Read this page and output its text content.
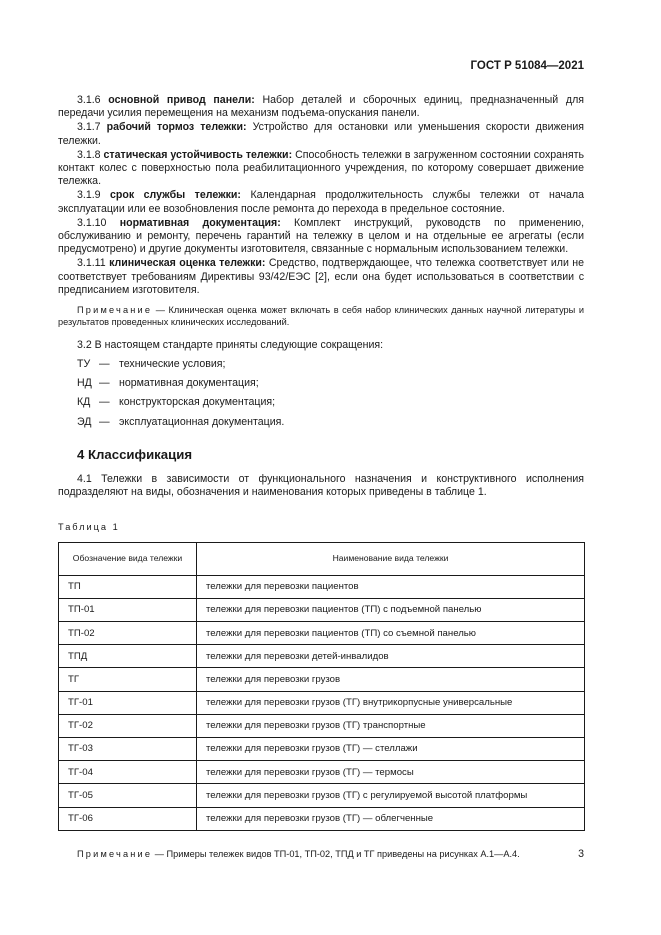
ГОСТ Р 51084—2021

3.1.6 основной привод панели: Набор деталей и сборочных единиц, предназначенный для передачи усилия перемещения на механизм подъема-опускания панели.

3.1.7 рабочий тормоз тележки: Устройство для остановки или уменьшения скорости движения тележки.

3.1.8 статическая устойчивость тележки: Способность тележки в загруженном состоянии сохранять контакт колес с поверхностью пола реабилитационного учреждения, по которому совершает движение тележка.

3.1.9 срок службы тележки: Календарная продолжительность службы тележки от начала эксплуатации или ее возобновления после ремонта до перехода в предельное состояние.

3.1.10 нормативная документация: Комплект инструкций, руководств по применению, обслуживанию и ремонту, перечень гарантий на тележку в целом и на отдельные ее агрегаты (если предусмотрено) и другие документы изготовителя, связанные с нормальным использованием тележки.

3.1.11 клиническая оценка тележки: Средство, подтверждающее, что тележка соответствует или не соответствует требованиям Директивы 93/42/ЕЭС [2], если она будет использоваться в соответствии с предписанием изготовителя.

Примечание — Клиническая оценка может включать в себя набор клинических данных научной литературы и результатов проведенных клинических исследований.

3.2 В настоящем стандарте приняты следующие сокращения:

ТУ — технические условия;
НД — нормативная документация;
КД — конструкторская документация;
ЭД — эксплуатационная документация.
4 Классификация

4.1 Тележки в зависимости от функционального назначения и конструктивного исполнения подразделяют на виды, обозначения и наименования которых приведены в таблице 1.

Таблица 1
Обозначение вида тележки	Наименование вида тележки
ТП	тележки для перевозки пациентов
ТП-01	тележки для перевозки пациентов (ТП) с подъемной панелью
ТП-02	тележки для перевозки пациентов (ТП) со съемной панелью
ТПД	тележки для перевозки детей-инвалидов
ТГ	тележки для перевозки грузов
ТГ-01	тележки для перевозки грузов (ТГ) внутрикорпусные универсальные
ТГ-02	тележки для перевозки грузов (ТГ) транспортные
ТГ-03	тележки для перевозки грузов (ТГ) — стеллажи
ТГ-04	тележки для перевозки грузов (ТГ) — термосы
ТГ-05	тележки для перевозки грузов (ТГ) с регулируемой высотой платформы
ТГ-06	тележки для перевозки грузов (ТГ) — облегченные

Примечание — Примеры тележек видов ТП-01, ТП-02, ТПД и ТГ приведены на рисунках А.1—А.4.	3
